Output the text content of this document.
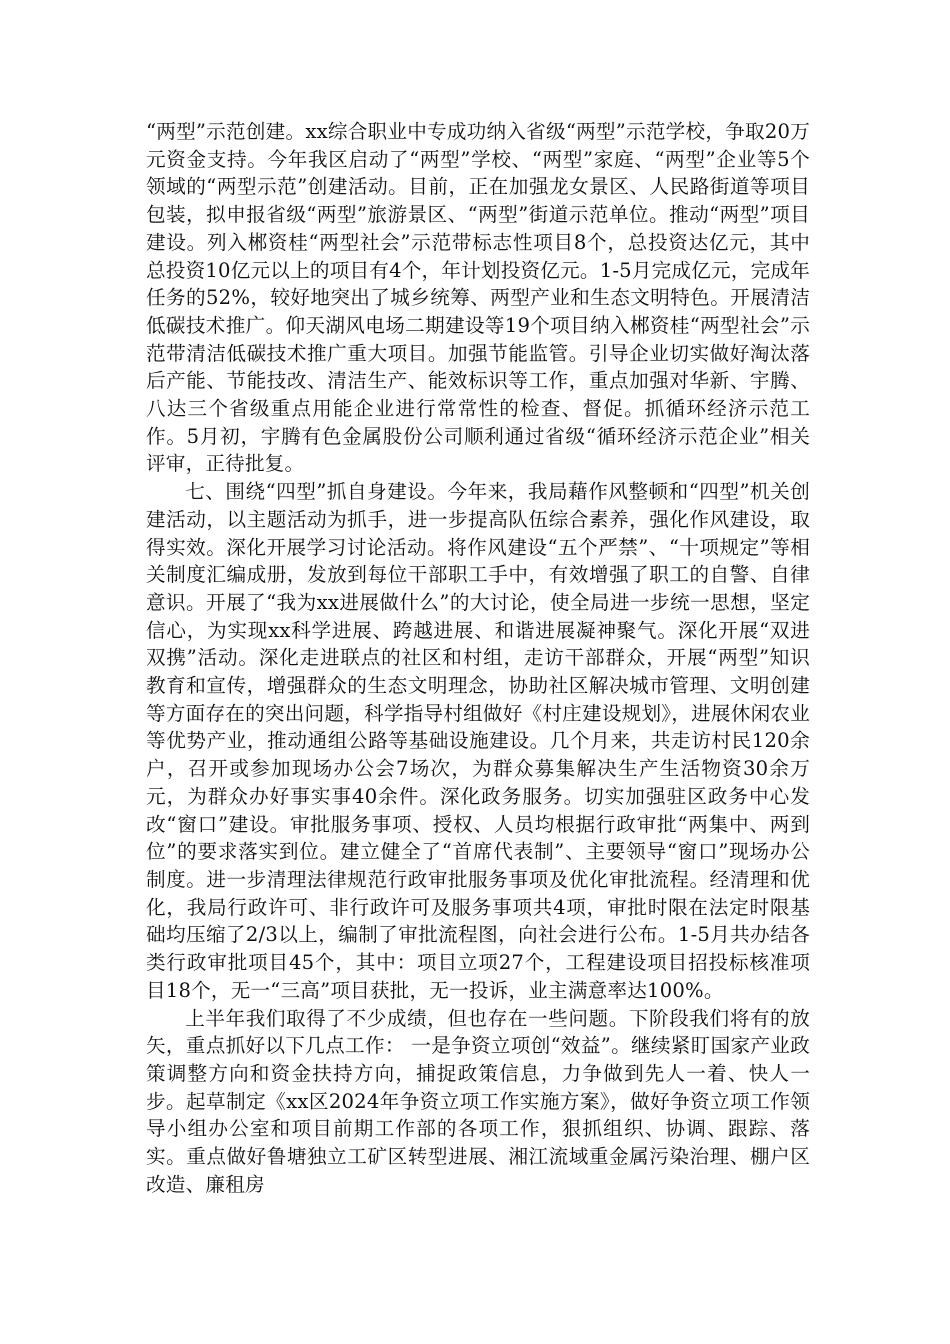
“两型”示范创建。xx综合职业中专成功纳入省级“两型”示范学校，争取20万元资金支持。今年我区启动了“两型”学校、“两型”家庭、“两型”企业等5个领域的“两型示范”创建活动。目前，正在加强龙女景区、人民路街道等项目包装，拟申报省级“两型”旅游景区、“两型”街道示范单位。推动“两型”项目建设。列入郴资桂“两型社会”示范带标志性项目8个，总投资达亿元，其中总投资10亿元以上的项目有4个，年计划投资亿元。1-5月完成亿元，完成年任务的52%，较好地突出了城乡统筹、两型产业和生态文明特色。开展清洁低碳技术推广。仰天湖风电场二期建设等19个项目纳入郴资桂“两型社会”示范带清洁低碳技术推广重大项目。加强节能监管。引导企业切实做好淘汰落后产能、节能技改、清洁生产、能效标识等工作，重点加强对华新、宇腾、八达三个省级重点用能企业进行常常性的检查、督促。抓循环经济示范工作。5月初，宇腾有色金属股份公司顺利通过省级“循环经济示范企业”相关评审，正待批复。

七、围绕“四型”抓自身建设。今年来，我局藉作风整顿和“四型”机关创建活动，以主题活动为抓手，进一步提高队伍综合素养，强化作风建设，取得实效。深化开展学习讨论活动。将作风建设“五个严禁”、“十项规定”等相关制度汇编成册，发放到每位干部职工手中，有效增强了职工的自警、自律意识。开展了“我为xx进展做什么”的大讨论，使全局进一步统一思想，坚定信心，为实现xx科学进展、跨越进展、和谐进展凝神聚气。深化开展“双进双携”活动。深化走进联点的社区和村组，走访干部群众，开展“两型”知识教育和宣传，增强群众的生态文明理念，协助社区解决城市管理、文明创建等方面存在的突出问题，科学指导村组做好《村庄建设规划》，进展休闲农业等优势产业，推动通组公路等基础设施建设。几个月来，共走访村民120余户，召开或参加现场办公会7场次，为群众募集解决生产生活物资30余万元，为群众办好事实事40余件。深化政务服务。切实加强驻区政务中心发改“窗口”建设。审批服务事项、授权、人员均根据行政审批“两集中、两到位”的要求落实到位。建立健全了“首席代表制”、主要领导“窗口”现场办公制度。进一步清理法律规范行政审批服务事项及优化审批流程。经清理和优化，我局行政许可、非行政许可及服务事项共4项，审批时限在法定时限基础均压缩了2/3以上，编制了审批流程图，向社会进行公布。1-5月共办结各类行政审批项目45个，其中：项目立项27个，工程建设项目招投标核准项目18个，无一“三高”项目获批，无一投诉，业主满意率达100%。

上半年我们取得了不少成绩，但也存在一些问题。下阶段我们将有的放矢，重点抓好以下几点工作： 一是争资立项创“效益”。继续紧盯国家产业政策调整方向和资金扶持方向，捕捉政策信息，力争做到先人一着、快人一步。起草制定《xx区2024年争资立项工作实施方案》，做好争资立项工作领导小组办公室和项目前期工作部的各项工作，狠抓组织、协调、跟踪、落实。重点做好鲁塘独立工矿区转型进展、湘江流域重金属污染治理、棚户区改造、廉租房
